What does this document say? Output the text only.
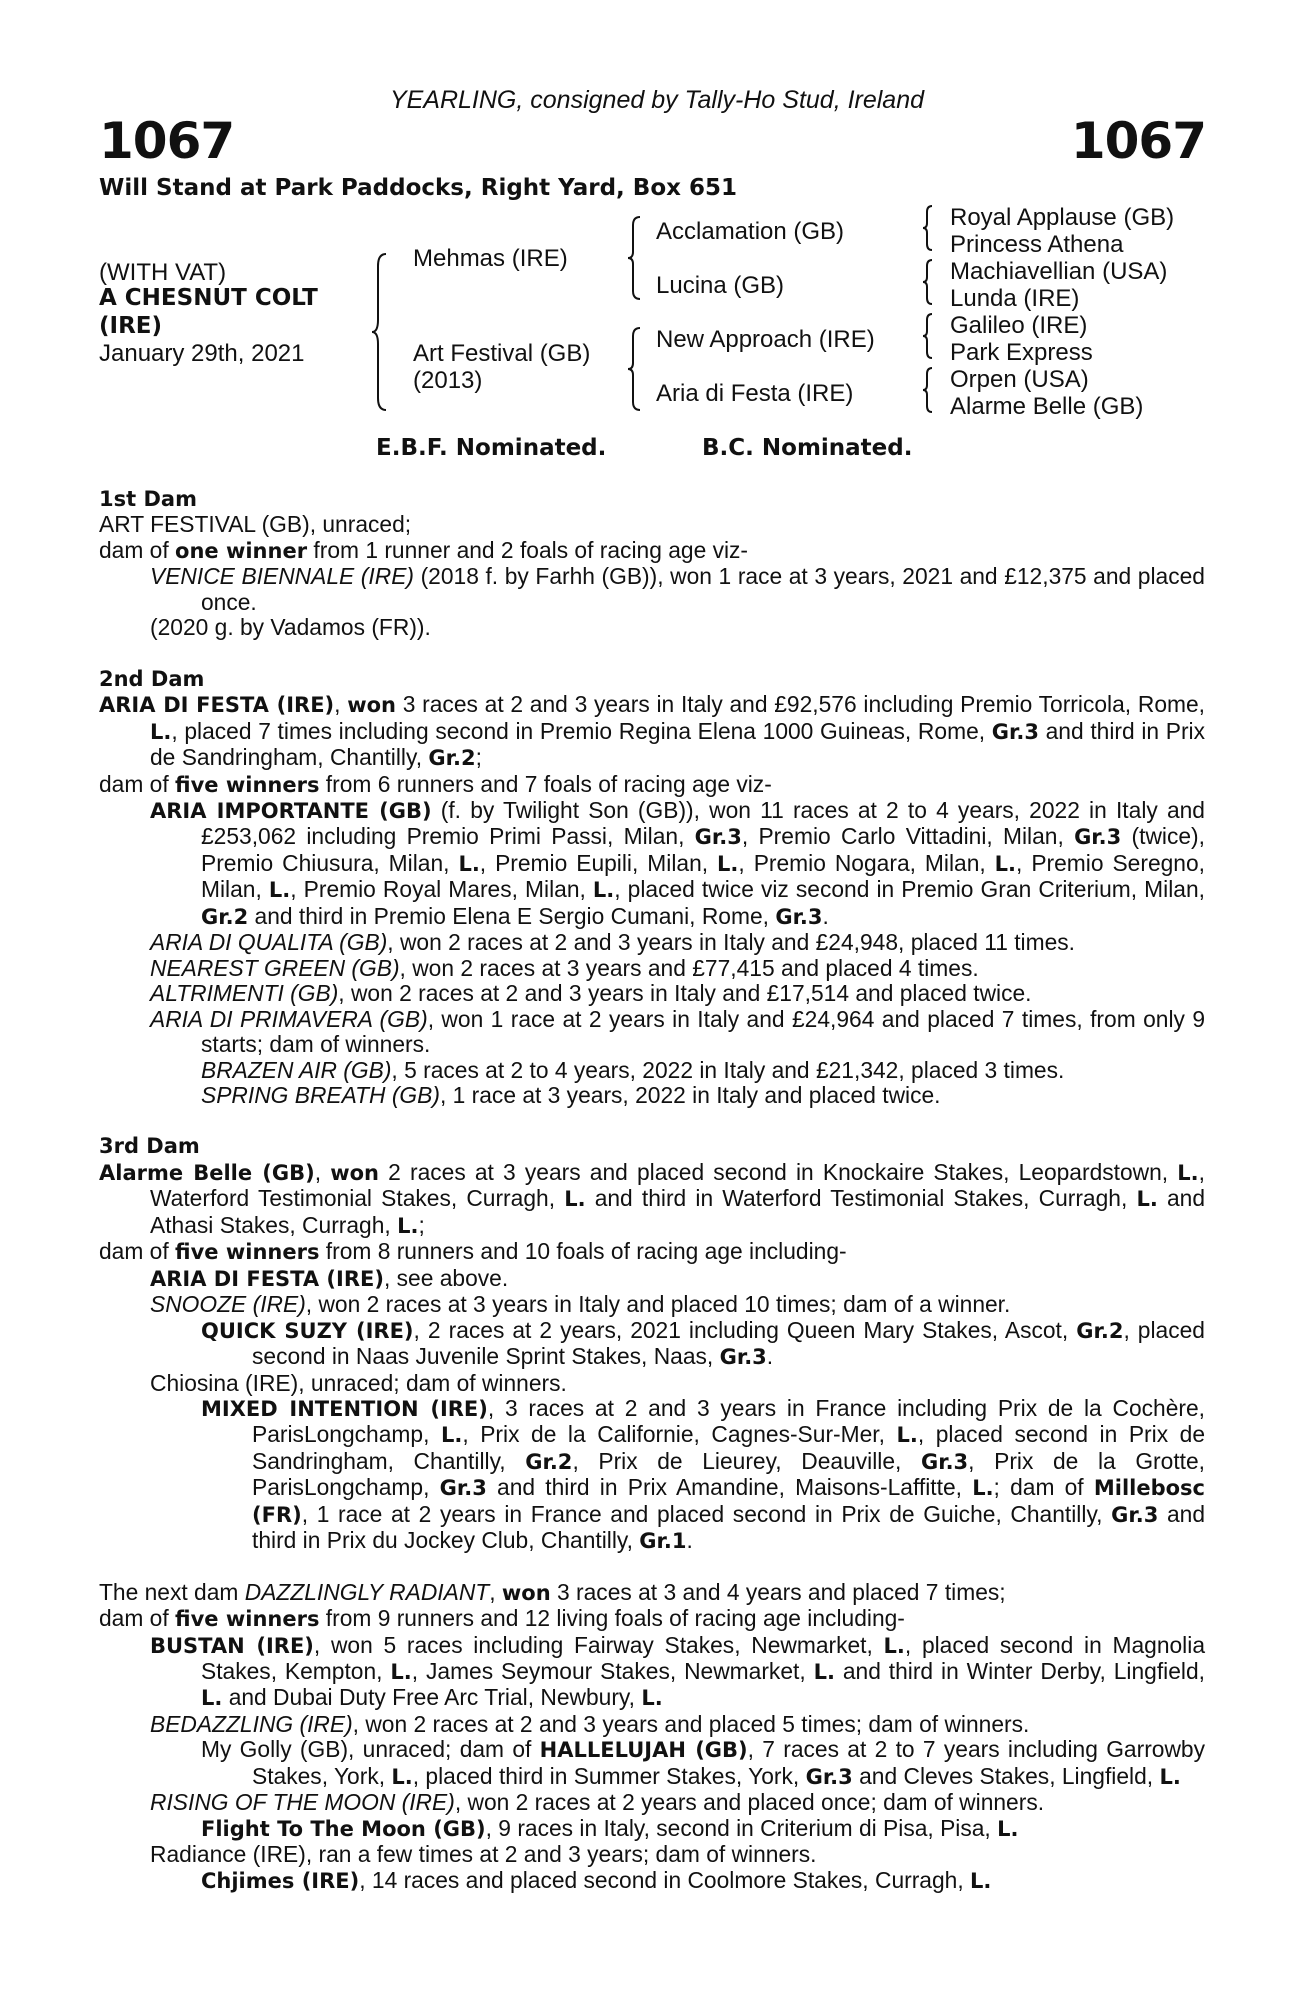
YEARLING, consigned by Tally-Ho Stud, Ireland
1067	1067
Will Stand at Park Paddocks, Right Yard, Box 651
(WITH VAT)
A CHESNUT COLT
(IRE)
January 29th, 2021
Mehmas (IRE)
Art Festival (GB)
(2013)
Acclamation (GB)
Lucina (GB)
New Approach (IRE)
Aria di Festa (IRE)
Royal Applause (GB)
Princess Athena
Machiavellian (USA)
Lunda (IRE)
Galileo (IRE)
Park Express
Orpen (USA)
Alarme Belle (GB)
E.B.F. Nominated.	B.C. Nominated.

1st Dam

ART FESTIVAL (GB), unraced;

dam of one winner from 1 runner and 2 foals of racing age viz-

VENICE BIENNALE (IRE) (2018 f. by Farhh (GB)), won 1 race at 3 years, 2021 and £12,375 and placed once.

(2020 g. by Vadamos (FR)).

2nd Dam

ARIA DI FESTA (IRE), won 3 races at 2 and 3 years in Italy and £92,576 including Premio Torricola, Rome, L., placed 7 times including second in Premio Regina Elena 1000 Guineas, Rome, Gr.3 and third in Prix de Sandringham, Chantilly, Gr.2;

dam of five winners from 6 runners and 7 foals of racing age viz-

ARIA IMPORTANTE (GB) (f. by Twilight Son (GB)), won 11 races at 2 to 4 years, 2022 in Italy and £253,062 including Premio Primi Passi, Milan, Gr.3, Premio Carlo Vittadini, Milan, Gr.3 (twice), Premio Chiusura, Milan, L., Premio Eupili, Milan, L., Premio Nogara, Milan, L., Premio Seregno, Milan, L., Premio Royal Mares, Milan, L., placed twice viz second in Premio Gran Criterium, Milan, Gr.2 and third in Premio Elena E Sergio Cumani, Rome, Gr.3.

ARIA DI QUALITA (GB), won 2 races at 2 and 3 years in Italy and £24,948, placed 11 times.

NEAREST GREEN (GB), won 2 races at 3 years and £77,415 and placed 4 times.

ALTRIMENTI (GB), won 2 races at 2 and 3 years in Italy and £17,514 and placed twice.

ARIA DI PRIMAVERA (GB), won 1 race at 2 years in Italy and £24,964 and placed 7 times, from only 9 starts; dam of winners.

BRAZEN AIR (GB), 5 races at 2 to 4 years, 2022 in Italy and £21,342, placed 3 times.

SPRING BREATH (GB), 1 race at 3 years, 2022 in Italy and placed twice.

3rd Dam

Alarme Belle (GB), won 2 races at 3 years and placed second in Knockaire Stakes, Leopardstown, L., Waterford Testimonial Stakes, Curragh, L. and third in Waterford Testimonial Stakes, Curragh, L. and Athasi Stakes, Curragh, L.;

dam of five winners from 8 runners and 10 foals of racing age including-

ARIA DI FESTA (IRE), see above.

SNOOZE (IRE), won 2 races at 3 years in Italy and placed 10 times; dam of a winner.

QUICK SUZY (IRE), 2 races at 2 years, 2021 including Queen Mary Stakes, Ascot, Gr.2, placed second in Naas Juvenile Sprint Stakes, Naas, Gr.3.

Chiosina (IRE), unraced; dam of winners.

MIXED INTENTION (IRE), 3 races at 2 and 3 years in France including Prix de la Cochère, ParisLongchamp, L., Prix de la Californie, Cagnes-Sur-Mer, L., placed second in Prix de Sandringham, Chantilly, Gr.2, Prix de Lieurey, Deauville, Gr.3, Prix de la Grotte, ParisLongchamp, Gr.3 and third in Prix Amandine, Maisons-Laffitte, L.; dam of Millebosc (FR), 1 race at 2 years in France and placed second in Prix de Guiche, Chantilly, Gr.3 and third in Prix du Jockey Club, Chantilly, Gr.1.

The next dam DAZZLINGLY RADIANT, won 3 races at 3 and 4 years and placed 7 times;

dam of five winners from 9 runners and 12 living foals of racing age including-

BUSTAN (IRE), won 5 races including Fairway Stakes, Newmarket, L., placed second in Magnolia Stakes, Kempton, L., James Seymour Stakes, Newmarket, L. and third in Winter Derby, Lingfield, L. and Dubai Duty Free Arc Trial, Newbury, L.

BEDAZZLING (IRE), won 2 races at 2 and 3 years and placed 5 times; dam of winners.

My Golly (GB), unraced; dam of HALLELUJAH (GB), 7 races at 2 to 7 years including Garrowby Stakes, York, L., placed third in Summer Stakes, York, Gr.3 and Cleves Stakes, Lingfield, L.

RISING OF THE MOON (IRE), won 2 races at 2 years and placed once; dam of winners.

Flight To The Moon (GB), 9 races in Italy, second in Criterium di Pisa, Pisa, L.

Radiance (IRE), ran a few times at 2 and 3 years; dam of winners.

Chjimes (IRE), 14 races and placed second in Coolmore Stakes, Curragh, L.
